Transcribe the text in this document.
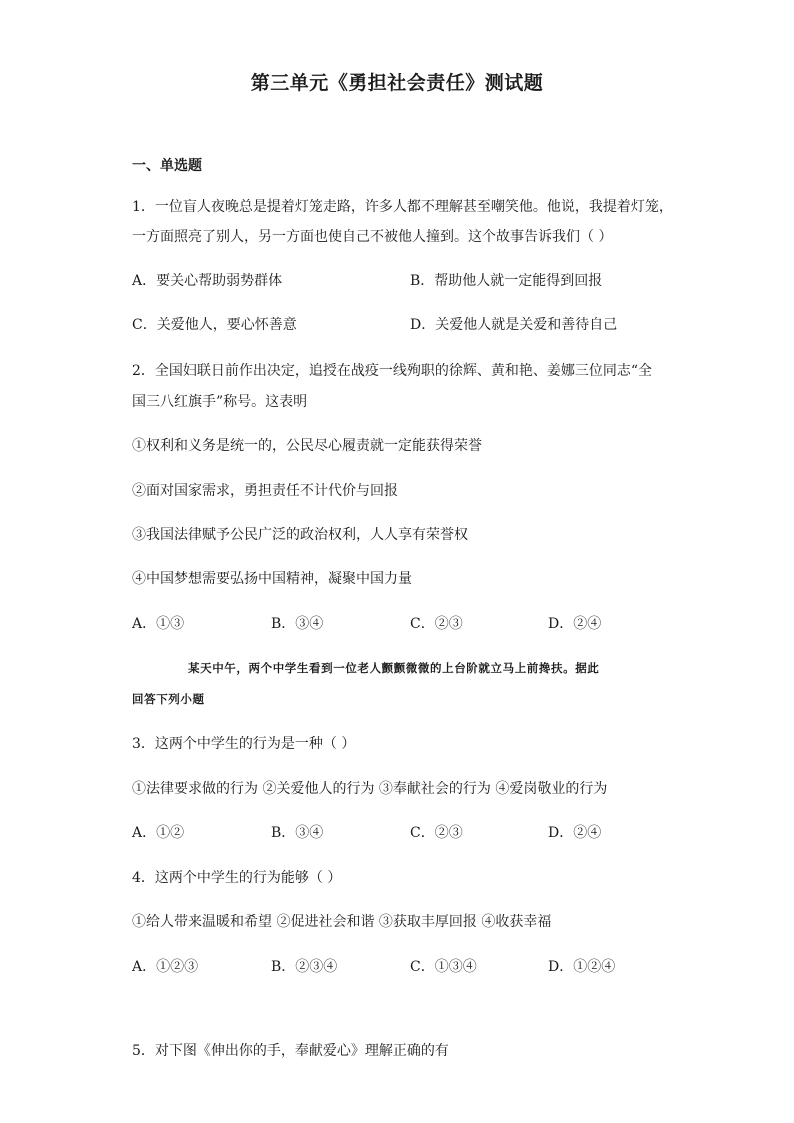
第三单元《勇担社会责任》测试题
一、单选题
1．一位盲人夜晚总是提着灯笼走路，许多人都不理解甚至嘲笑他。他说，我提着灯笼，
一方面照亮了别人，另一方面也使自己不被他人撞到。这个故事告诉我们（ ）
A．要关心帮助弱势群体	B．帮助他人就一定能得到回报
C．关爱他人，要心怀善意	D．关爱他人就是关爱和善待自己
2．全国妇联日前作出决定，追授在战疫一线殉职的徐辉、黄和艳、姜娜三位同志“全
国三八红旗手”称号。这表明
①权利和义务是统一的，公民尽心履责就一定能获得荣誉
②面对国家需求，勇担责任不计代价与回报
③我国法律赋予公民广泛的政治权利，人人享有荣誉权
④中国梦想需要弘扬中国精神，凝聚中国力量
A．①③	B．③④	C．②③	D．②④
某天中午，两个中学生看到一位老人颤颤微微的上台阶就立马上前搀扶。据此
回答下列小题
3．这两个中学生的行为是一种（ ）
①法律要求做的行为 ②关爱他人的行为 ③奉献社会的行为 ④爱岗敬业的行为
A．①②	B．③④	C．②③	D．②④
4．这两个中学生的行为能够（ ）
①给人带来温暖和希望 ②促进社会和谐 ③获取丰厚回报 ④收获幸福
A．①②③	B．②③④	C．①③④	D．①②④
5．对下图《伸出你的手，奉献爱心》理解正确的有
